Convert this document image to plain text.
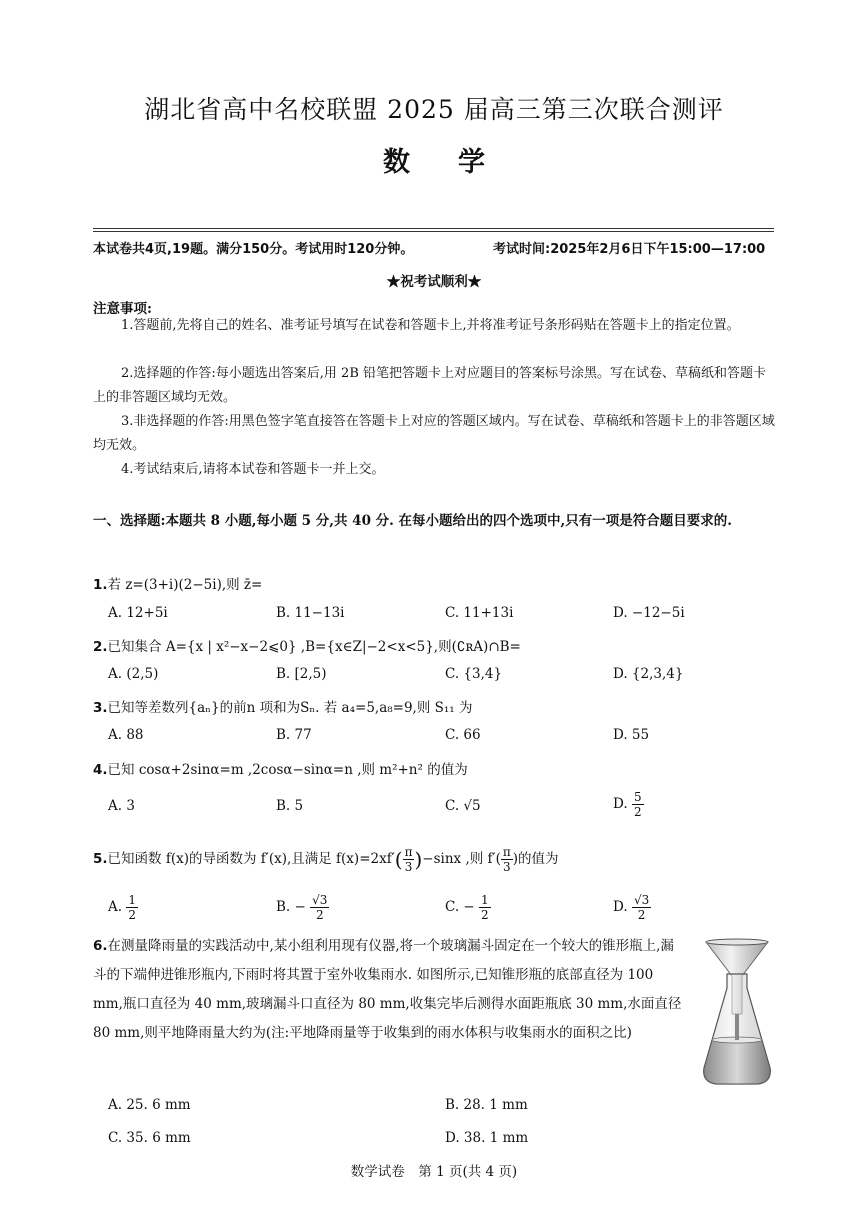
湖北省高中名校联盟 2025 届高三第三次联合测评
数学
本试卷共4页,19题。满分150分。考试用时120分钟。	考试时间:2025年2月6日下午15:00—17:00
★祝考试顺利★
注意事项:
1.答题前,先将自己的姓名、准考证号填写在试卷和答题卡上,并将准考证号条形码贴在答题卡上的指定位置。
2.选择题的作答:每小题选出答案后,用 2B 铅笔把答题卡上对应题目的答案标号涂黑。写在试卷、草稿纸和答题卡上的非答题区域均无效。
3.非选择题的作答:用黑色签字笔直接答在答题卡上对应的答题区域内。写在试卷、草稿纸和答题卡上的非答题区域均无效。
4.考试结束后,请将本试卷和答题卡一并上交。
一、选择题:本题共 8 小题,每小题 5 分,共 40 分. 在每小题给出的四个选项中,只有一项是符合题目要求的.
1.若 z=(3+i)(2−5i),则 z̄=
A. 12+5i	B. 11−13i	C. 11+13i	D. −12−5i
2.已知集合 A={x | x²−x−2⩽0} ,B={x∈Z|−2<x<5},则(∁ʀA)∩B=
A. (2,5)	B. [2,5)	C. {3,4}	D. {2,3,4}
3.已知等差数列{aₙ}的前n 项和为Sₙ. 若 a₄=5,a₈=9,则 S₁₁ 为
A. 88	B. 77	C. 66	D. 55
4.已知 cosα+2sinα=m ,2cosα−sinα=n ,则 m²+n² 的值为
A. 3	B. 5	C. √5	D. $\frac{5}{2}$
5.已知函数 f(x)的导函数为 f′(x),且满足 $f(x)=2xf'( \frac{\pi}{3} )-\sin x$ ,则 $f'( \frac{\pi}{3}$ )的值为
A. $\frac{1}{2}$	B. − $\frac{√3}{2}$	C. − $\frac{1}{2}$	D. $\frac{√3}{2}$
6.在测量降雨量的实践活动中,某小组利用现有仪器,将一个玻璃漏斗固定在一个较大的锥形瓶上,漏斗的下端伸进锥形瓶内,下雨时将其置于室外收集雨水. 如图所示,已知锥形瓶的底部直径为 100 mm,瓶口直径为 40 mm,玻璃漏斗口直径为 80 mm,收集完毕后测得水面距瓶底 30 mm,水面直径 80 mm,则平地降雨量大约为(注:平地降雨量等于收集到的雨水体积与收集雨水的面积之比)
A. 25. 6 mm	B. 28. 1 mm
C. 35. 6 mm	D. 38. 1 mm
数学试卷　第 1 页(共 4 页)
